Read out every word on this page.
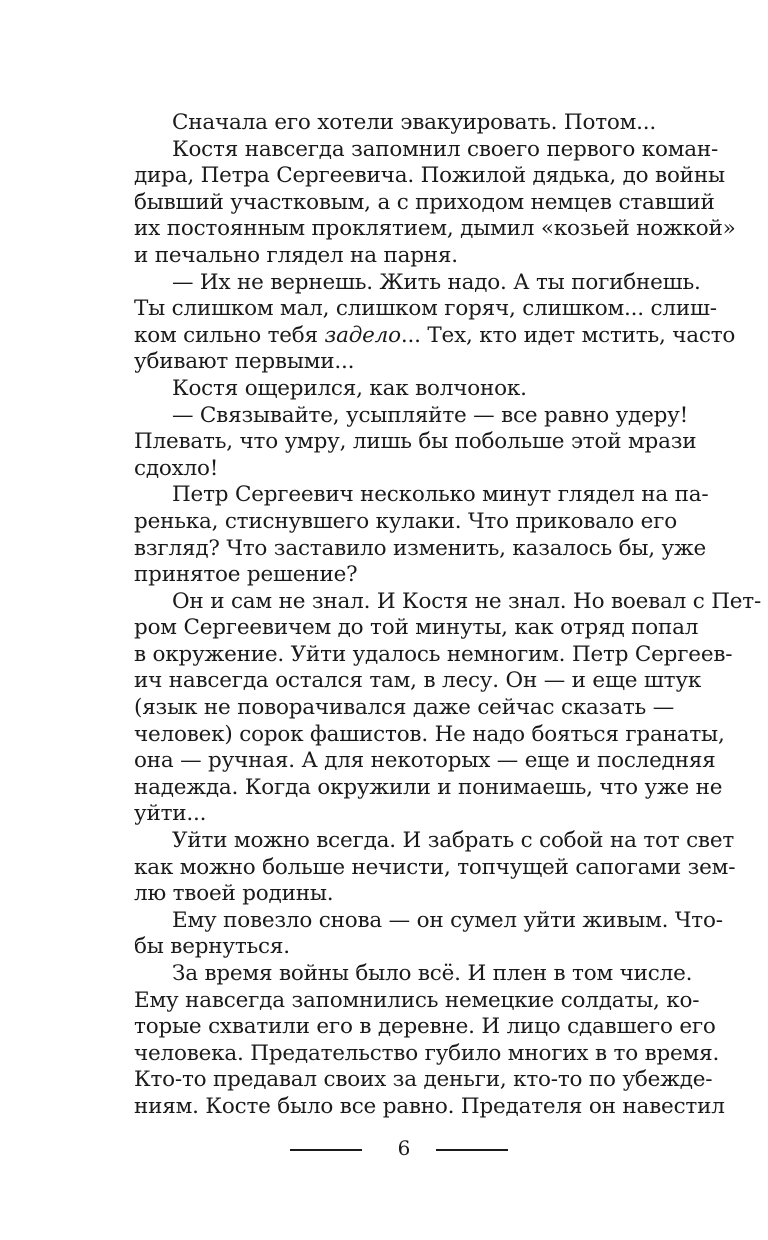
Сначала его хотели эвакуировать. Потом...
Костя навсегда запомнил своего первого коман-
дира, Петра Сергеевича. Пожилой дядька, до войны
бывший участковым, а с приходом немцев ставший
их постоянным проклятием, дымил «козьей ножкой»
и печально глядел на парня.
— Их не вернешь. Жить надо. А ты погибнешь.
Ты слишком мал, слишком горяч, слишком... слиш-
ком сильно тебя задело... Тех, кто идет мстить, часто
убивают первыми...
Костя ощерился, как волчонок.
— Связывайте, усыпляйте — все равно удеру!
Плевать, что умру, лишь бы побольше этой мрази
сдохло!
Петр Сергеевич несколько минут глядел на па-
ренька, стиснувшего кулаки. Что приковало его
взгляд? Что заставило изменить, казалось бы, уже
принятое решение?
Он и сам не знал. И Костя не знал. Но воевал с Пет-
ром Сергеевичем до той минуты, как отряд попал
в окружение. Уйти удалось немногим. Петр Сергеев-
ич навсегда остался там, в лесу. Он — и еще штук
(язык не поворачивался даже сейчас сказать —
человек) сорок фашистов. Не надо бояться гранаты,
она — ручная. А для некоторых — еще и последняя
надежда. Когда окружили и понимаешь, что уже не
уйти...
Уйти можно всегда. И забрать с собой на тот свет
как можно больше нечисти, топчущей сапогами зем-
лю твоей родины.
Ему повезло снова — он сумел уйти живым. Что-
бы вернуться.
За время войны было всё. И плен в том числе.
Ему навсегда запомнились немецкие солдаты, ко-
торые схватили его в деревне. И лицо сдавшего его
человека. Предательство губило многих в то время.
Кто-то предавал своих за деньги, кто-то по убежде-
ниям. Косте было все равно. Предателя он навестил
6
